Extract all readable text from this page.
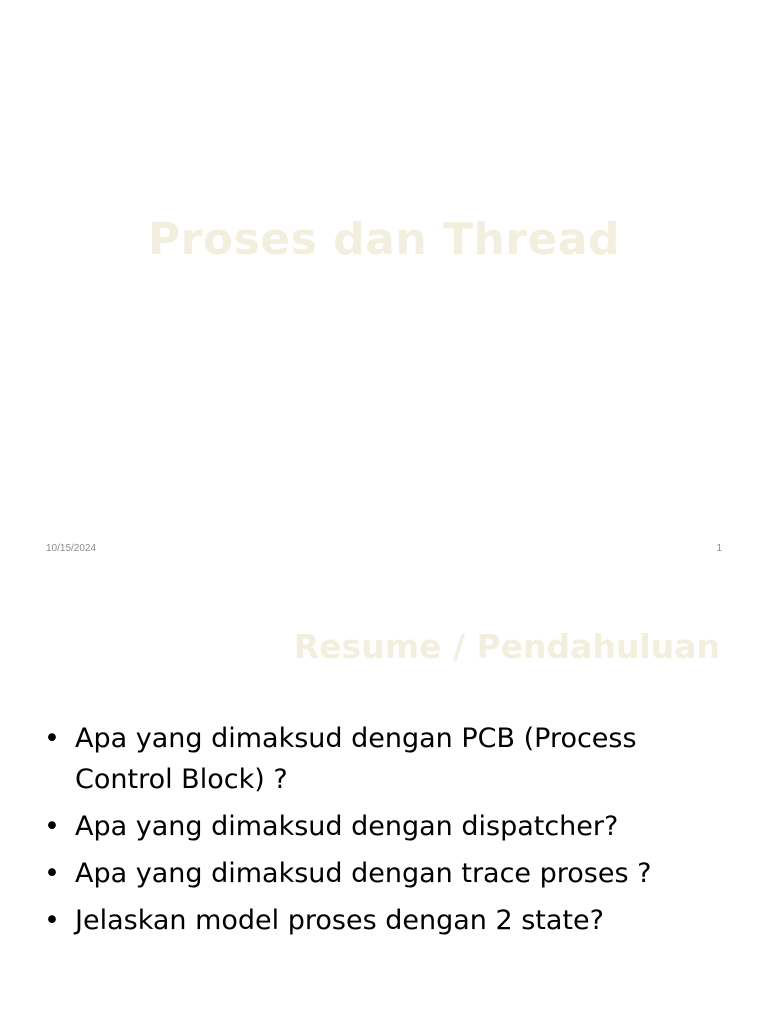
Proses dan Thread
10/15/2024	1
Resume / Pendahuluan
• Apa yang dimaksud dengan PCB (Process Control Block) ?
• Apa yang dimaksud dengan dispatcher?
• Apa yang dimaksud dengan trace proses ?
• Jelaskan model proses dengan 2 state?
